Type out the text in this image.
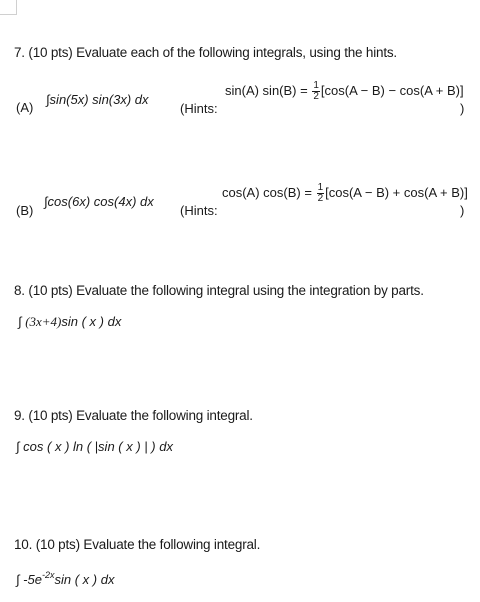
7. (10 pts) Evaluate each of the following integrals, using the hints.
(A)
∫sin(5x) sin(3x) dx
(Hints:
sin(A) $\sin(B) = \frac{1}{2} [\cos(A - B) - \cos(A + B)]$
)
(B)
∫cos(6x) cos(4x) dx
(Hints:
cos(A) $\cos(B) = \frac{1}{2} [\cos(A - B) + \cos(A + B)]$
)
8. (10 pts) Evaluate the following integral using the integration by parts.
∫ (3x+4)sin ( x ) dx
9. (10 pts) Evaluate the following integral.
∫ cos ( x ) ln ( |sin ( x ) | ) dx
10. (10 pts) Evaluate the following integral.
∫ $-5e^{-2x}\sin$ ( x ) dx
